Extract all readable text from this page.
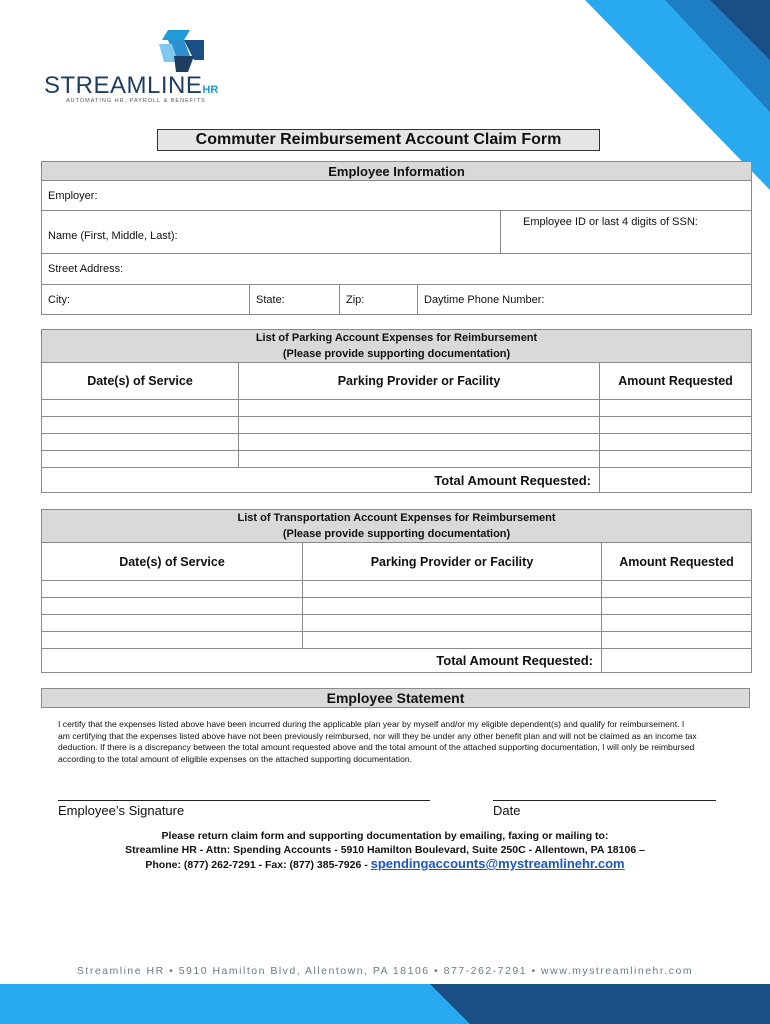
STREAMLINEHR
AUTOMATING HR, PAYROLL & BENEFITS
Commuter Reimbursement Account Claim Form
Employee Information				
Employer:				
Name (First, Middle, Last):				Employee ID or last 4 digits of SSN:
Street Address:				
City:	State:	Zip:	Daytime Phone Number:	
List of Parking Account Expenses for Reimbursement
(Please provide supporting documentation)		

Date(s) of Service	Parking Provider or Facility	Amount Requested

Total Amount Requested:		
List of Transportation Account Expenses for Reimbursement
(Please provide supporting documentation)		

Date(s) of Service	Parking Provider or Facility	Amount Requested

Total Amount Requested:		
Employee Statement
I certify that the expenses listed above have been incurred during the applicable plan year by myself and/or my eligible dependent(s) and qualify for reimbursement. I am certifying that the expenses listed above have not been previously reimbursed, nor will they be under any other benefit plan and will not be claimed as an income tax deduction. If there is a discrepancy between the total amount requested above and the total amount of the attached supporting documentation, I will only be reimbursed according to the total amount of eligible expenses on the attached supporting documentation.
Employee’s Signature	Date
Please return claim form and supporting documentation by emailing, faxing or mailing to:
Streamline HR - Attn: Spending Accounts - 5910 Hamilton Boulevard, Suite 250C - Allentown, PA 18106 –
Phone: (877) 262-7291 - Fax: (877) 385-7926 - spendingaccounts@mystreamlinehr.com
Streamline HR • 5910 Hamilton Blvd, Allentown, PA 18106 • 877-262-7291 • www.mystreamlinehr.com
